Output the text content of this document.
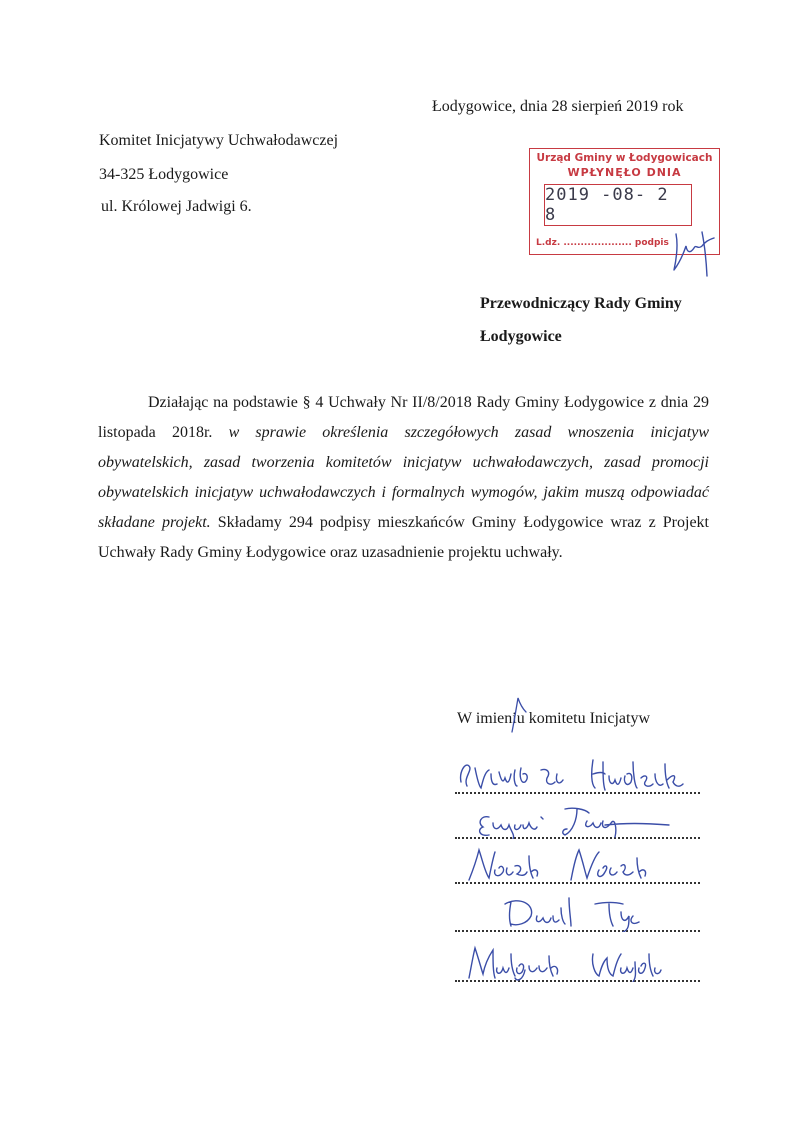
Łodygowice, dnia 28 sierpień 2019 rok
Komitet Inicjatywy Uchwałodawczej
34-325 Łodygowice
ul. Królowej Jadwigi 6.
Urząd Gminy w Łodygowicach
WPŁYNĘŁO DNIA
2019 -08- 2 8
L.dz. .................... podpis
Przewodniczący Rady Gminy
Łodygowice

Działając na podstawie § 4 Uchwały Nr II/8/2018 Rady Gminy Łodygowice z dnia 29 listopada 2018r. w sprawie określenia szczegółowych zasad wnoszenia inicjatyw obywatelskich, zasad tworzenia komitetów inicjatyw uchwałodawczych, zasad promocji obywatelskich inicjatyw uchwałodawczych i formalnych wymogów, jakim muszą odpowiadać składane projekt. Składamy 294 podpisy mieszkańców Gminy Łodygowice wraz z Projekt Uchwały Rady Gminy Łodygowice oraz uzasadnienie projektu uchwały.

W imieniu komitetu Inicjatyw
